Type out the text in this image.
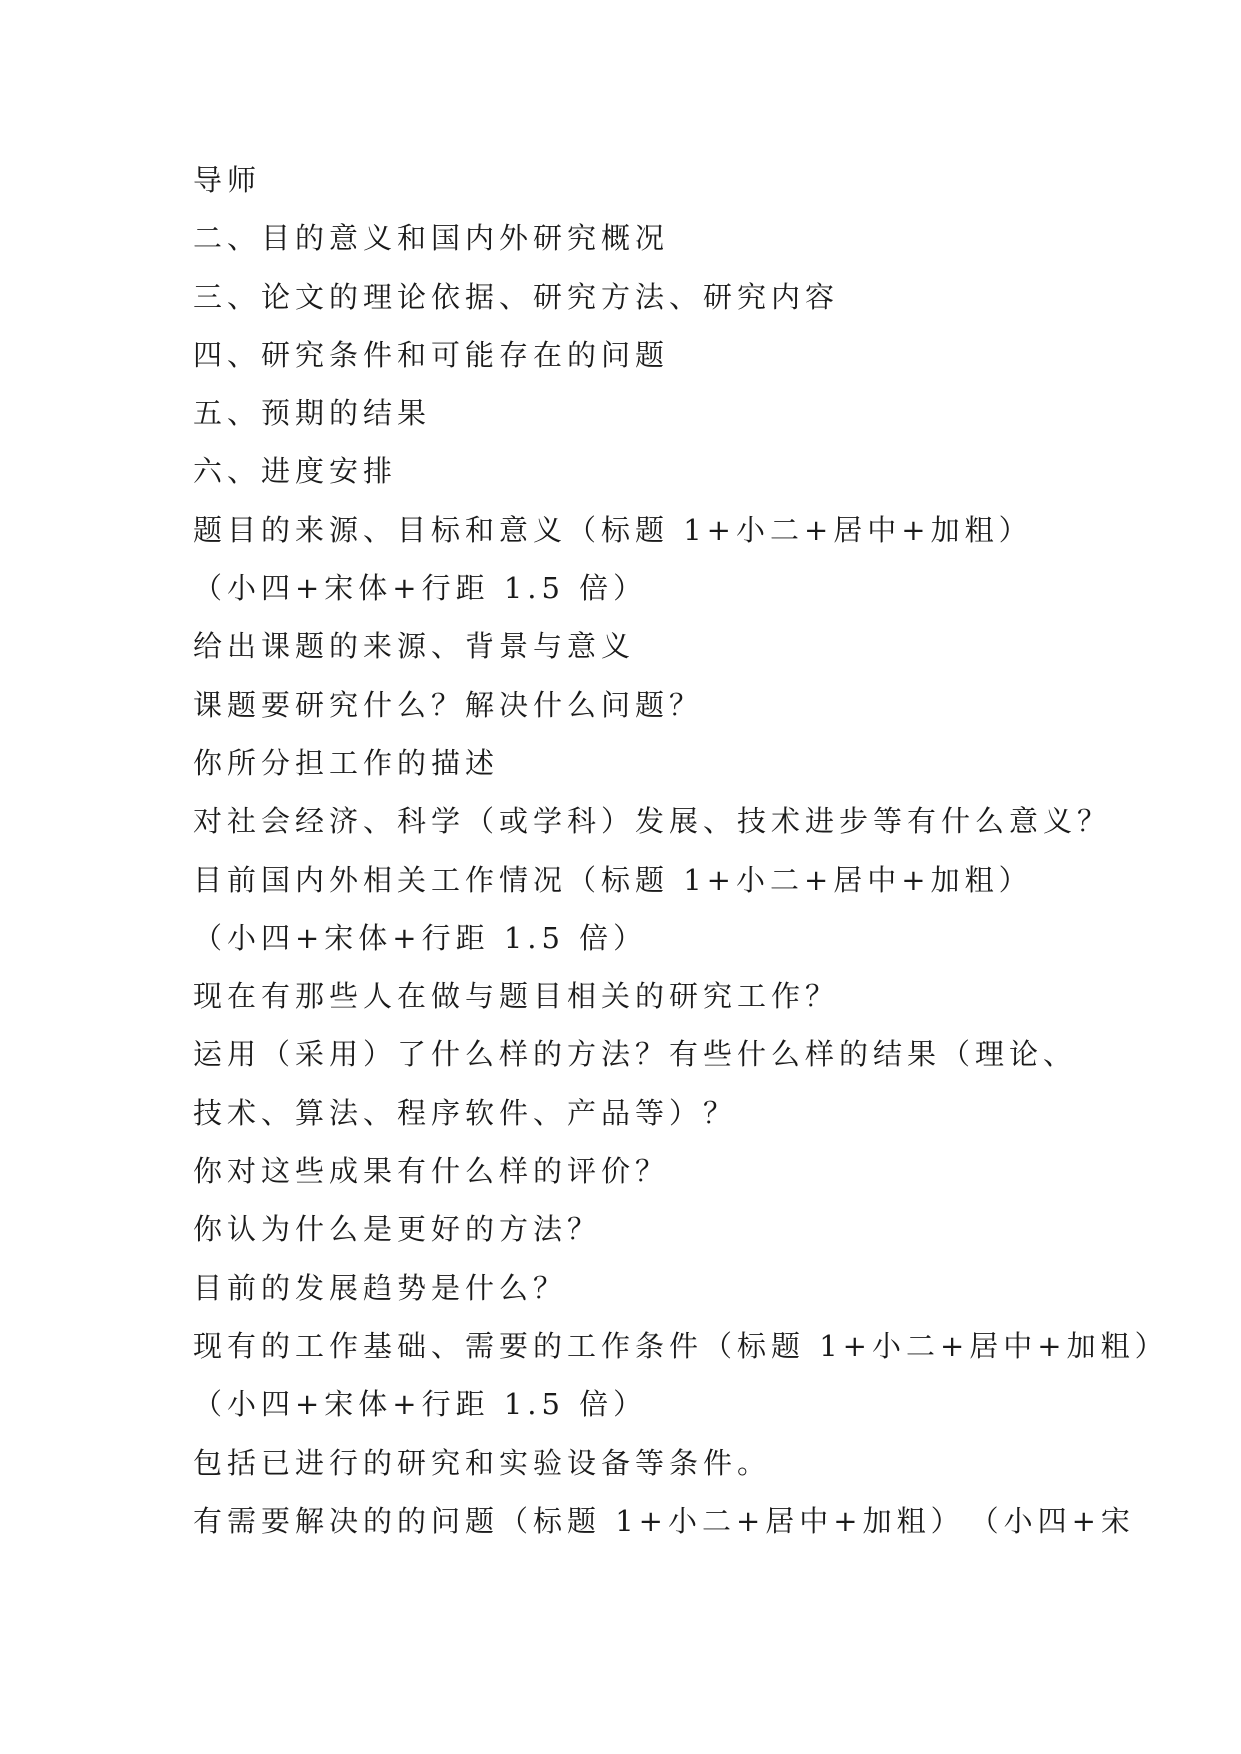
导师
二、目的意义和国内外研究概况
三、论文的理论依据、研究方法、研究内容
四、研究条件和可能存在的问题
五、预期的结果
六、进度安排
题目的来源、目标和意义（标题 1+小二+居中+加粗）
（小四+宋体+行距 1.5 倍）
给出课题的来源、背景与意义
课题要研究什么？解决什么问题？
你所分担工作的描述
对社会经济、科学（或学科）发展、技术进步等有什么意义？
目前国内外相关工作情况（标题 1+小二+居中+加粗）
（小四+宋体+行距 1.5 倍）
现在有那些人在做与题目相关的研究工作？
运用（采用）了什么样的方法？有些什么样的结果（理论、
技术、算法、程序软件、产品等）？
你对这些成果有什么样的评价？
你认为什么是更好的方法？
目前的发展趋势是什么？
现有的工作基础、需要的工作条件（标题 1+小二+居中+加粗）
（小四+宋体+行距 1.5 倍）
包括已进行的研究和实验设备等条件。
有需要解决的的问题（标题 1+小二+居中+加粗）　（小四+宋
